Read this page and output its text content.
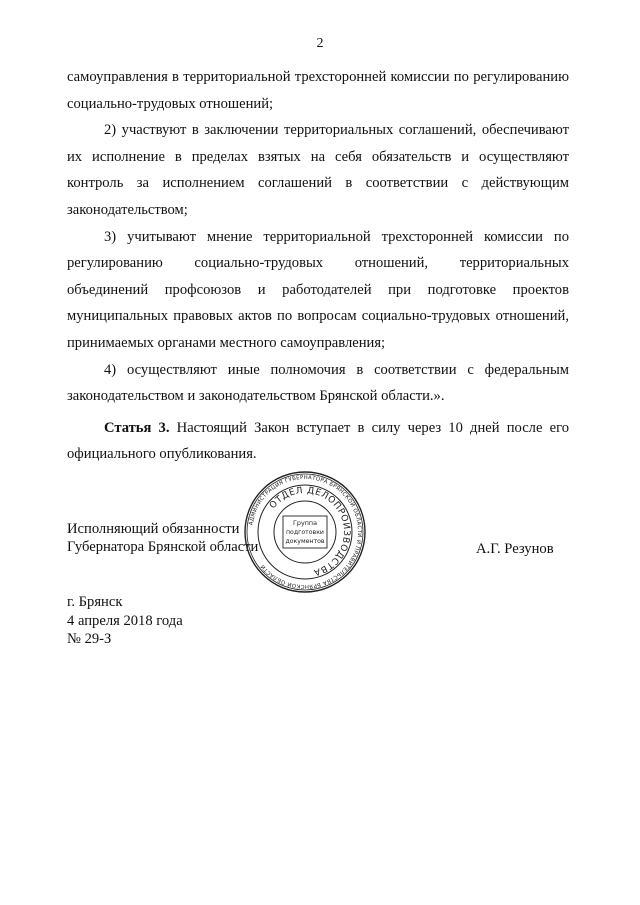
2

самоуправления в территориальной трехсторонней комиссии по регулированию социально-трудовых отношений;

2) участвуют в заключении территориальных соглашений, обеспечивают их исполнение в пределах взятых на себя обязательств и осуществляют контроль за исполнением соглашений в соответствии с действующим законодательством;

3) учитывают мнение территориальной трехсторонней комиссии по регулированию социально-трудовых отношений, территориальных объединений профсоюзов и работодателей при подготовке проектов муниципальных правовых актов по вопросам социально-трудовых отношений, принимаемых органами местного самоуправления;

4) осуществляют иные полномочия в соответствии с федеральным законодательством и законодательством Брянской области.».

Статья 3. Настоящий Закон вступает в силу через 10 дней после его официального опубликования.

Исполняющий обязанности
Губернатора Брянской области	А.Г. Резунов
АДМИНИСТРАЦИЯ ГУБЕРНАТОРА БРЯНСКОЙ ОБЛАСТИ И ПРАВИТЕЛЬСТВА БРЯНСКОЙ ОБЛАСТИ
ОТДЕЛ ДЕЛОПРОИЗВОДСТВА
Группа
подготовки
документов
г. Брянск
4 апреля 2018 года
№ 29-З
